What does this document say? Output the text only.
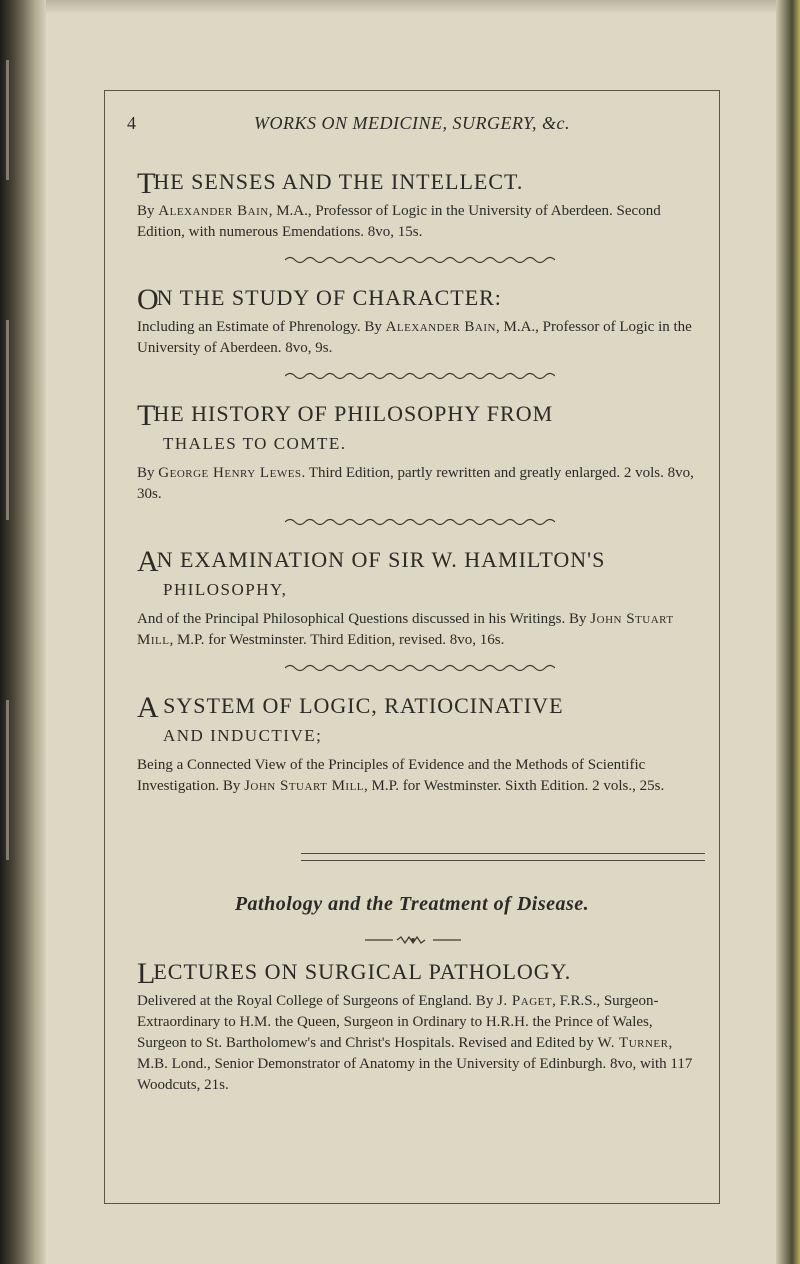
4	WORKS ON MEDICINE, SURGERY, &c.

THE SENSES AND THE INTELLECT.

By Alexander Bain, M.A., Professor of Logic in the University of Aberdeen. Second Edition, with numerous Emendations. 8vo, 15s.

ON THE STUDY OF CHARACTER:

Including an Estimate of Phrenology. By Alexander Bain, M.A., Professor of Logic in the University of Aberdeen. 8vo, 9s.

THE HISTORY OF PHILOSOPHY FROM
THALES TO COMTE.

By George Henry Lewes. Third Edition, partly rewritten and greatly enlarged. 2 vols. 8vo, 30s.

AN EXAMINATION OF SIR W. HAMILTON'S
PHILOSOPHY,

And of the Principal Philosophical Questions discussed in his Writings. By John Stuart Mill, M.P. for Westminster. Third Edition, revised. 8vo, 16s.

A SYSTEM OF LOGIC, RATIOCINATIVE
AND INDUCTIVE;

Being a Connected View of the Principles of Evidence and the Methods of Scientific Investigation. By John Stuart Mill, M.P. for Westminster. Sixth Edition. 2 vols., 25s.

Pathology and the Treatment of Disease.

LECTURES ON SURGICAL PATHOLOGY.

Delivered at the Royal College of Surgeons of England. By J. Paget, F.R.S., Surgeon-Extraordinary to H.M. the Queen, Surgeon in Ordinary to H.R.H. the Prince of Wales, Surgeon to St. Bartholomew's and Christ's Hospitals. Revised and Edited by W. Turner, M.B. Lond., Senior Demonstrator of Anatomy in the University of Edinburgh. 8vo, with 117 Woodcuts, 21s.
